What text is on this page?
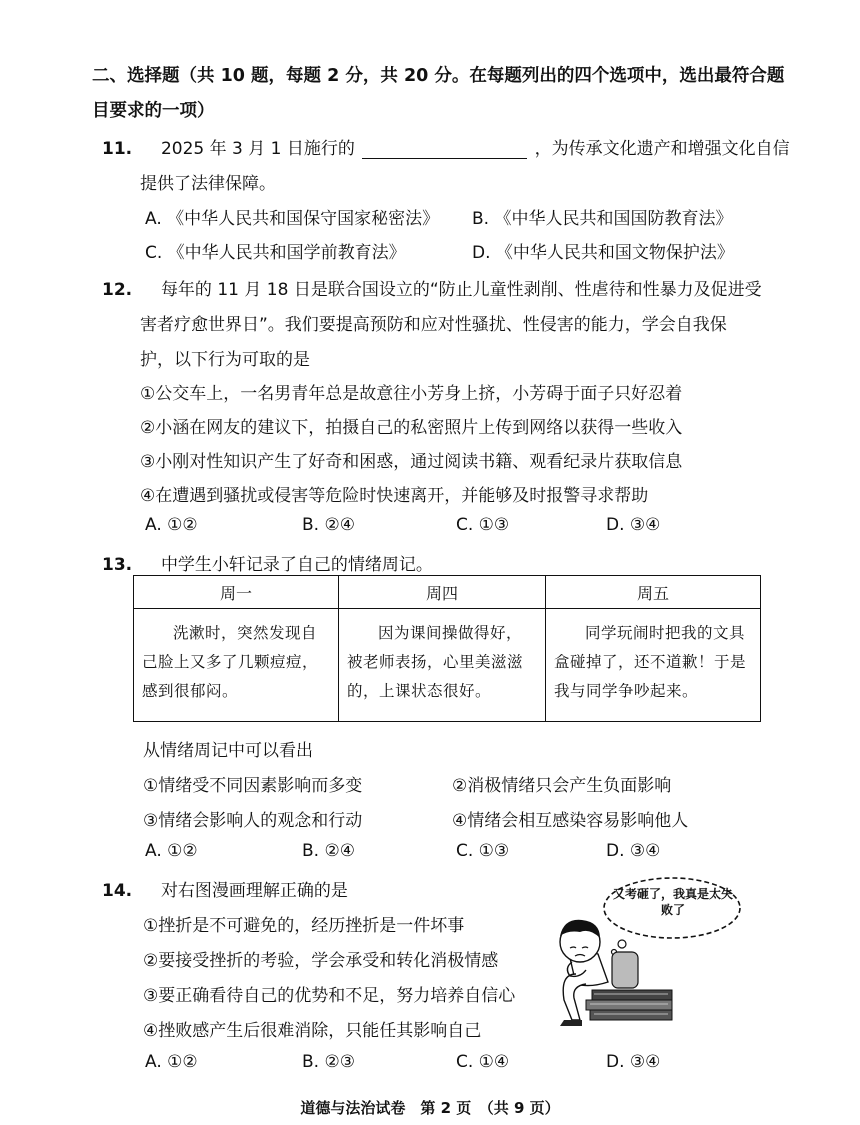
二、选择题（共 10 题，每题 2 分，共 20 分。在每题列出的四个选项中，选出最符合题
目要求的一项）
11. 2025 年 3 月 1 日施行的	，为传承文化遗产和增强文化自信
提供了法律保障。
A. 《中华人民共和国保守国家秘密法》 B. 《中华人民共和国国防教育法》
C. 《中华人民共和国学前教育法》	D. 《中华人民共和国文物保护法》
12. 每年的 11 月 18 日是联合国设立的“防止儿童性剥削、性虐待和性暴力及促进受
害者疗愈世界日”。我们要提高预防和应对性骚扰、性侵害的能力，学会自我保
护，以下行为可取的是
①公交车上，一名男青年总是故意往小芳身上挤，小芳碍于面子只好忍着
②小涵在网友的建议下，拍摄自己的私密照片上传到网络以获得一些收入
③小刚对性知识产生了好奇和困惑，通过阅读书籍、观看纪录片获取信息
④在遭遇到骚扰或侵害等危险时快速离开，并能够及时报警寻求帮助
A. ①②	B. ②④	C. ①③	D. ③④
13. 中学生小轩记录了自己的情绪周记。
周一	周四	周五
洗漱时，突然发现自己脸上又多了几颗痘痘，感到很郁闷。	因为课间操做得好，被老师表扬，心里美滋滋的，上课状态很好。	同学玩闹时把我的文具盒碰掉了，还不道歉！于是我与同学争吵起来。
从情绪周记中可以看出
①情绪受不同因素影响而多变	②消极情绪只会产生负面影响
③情绪会影响人的观念和行动	④情绪会相互感染容易影响他人
A. ①②	B. ②④	C. ①③	D. ③④
14. 对右图漫画理解正确的是
①挫折是不可避免的，经历挫折是一件坏事
②要接受挫折的考验，学会承受和转化消极情感
③要正确看待自己的优势和不足，努力培养自信心
④挫败感产生后很难消除，只能任其影响自己
A. ①②	B. ②③	C. ①④	D. ③④
又考砸了，我真是太失败了
道德与法治试卷　第 2 页　（共 9 页）
